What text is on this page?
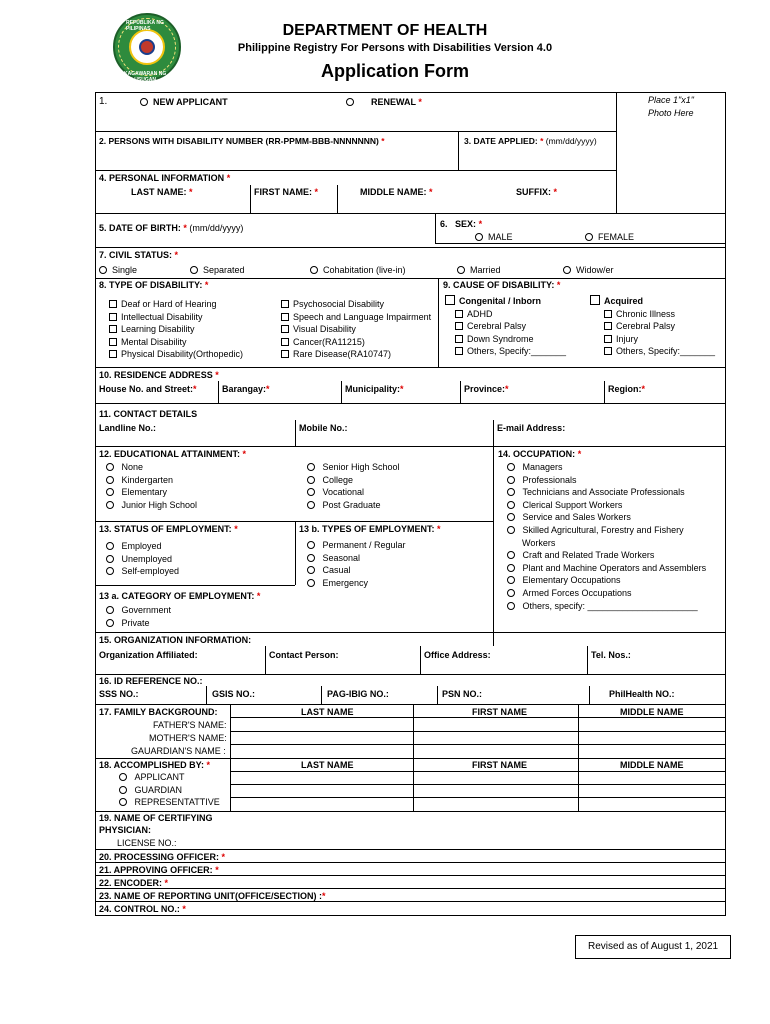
REPUBLIKA NG PILIPINAS
KAGAWARAN NG KALUSUGAN
DEPARTMENT OF HEALTH
Philippine Registry For Persons with Disabilities Version 4.0
Application Form
1.	NEW APPLICANT	RENEWAL *	Place 1"x1"
Photo Here
2. PERSONS WITH DISABILITY NUMBER (RR-PPMM-BBB-NNNNNNN) *	3. DATE APPLIED: * (mm/dd/yyyy)
4. PERSONAL INFORMATION *
LAST NAME: *	FIRST NAME: *	MIDDLE NAME: *	SUFFIX: *
5. DATE OF BIRTH: * (mm/dd/yyyy)	6. SEX: *
MALE	FEMALE
7. CIVIL STATUS: *
Single	Separated	Cohabitation (live-in)	Married	Widow/er
8. TYPE OF DISABILITY: *
Deaf or Hard of Hearing
Intellectual Disability
Learning Disability
Mental Disability
Physical Disability(Orthopedic)
Psychosocial Disability
Speech and Language Impairment
Visual Disability
Cancer(RA11215)
Rare Disease(RA10747)
9. CAUSE OF DISABILITY: *
Congenital / Inborn	Acquired
ADHD
Cerebral Palsy
Down Syndrome
Others, Specify:_______
Chronic Illness
Cerebral Palsy
Injury
Others, Specify:_______
10. RESIDENCE ADDRESS *
House No. and Street:*	Barangay:*	Municipality:*	Province:*	Region:*
11. CONTACT DETAILS
Landline No.:	Mobile No.:	E-mail Address:
12. EDUCATIONAL ATTAINMENT: *
None
Kindergarten
Elementary
Junior High School
Senior High School
College
Vocational
Post Graduate
14. OCCUPATION: *
Managers
Professionals
Technicians and Associate Professionals
Clerical Support Workers
Service and Sales Workers
Skilled Agricultural, Forestry and Fishery
Workers
Craft and Related Trade Workers
Plant and Machine Operators and Assemblers
Elementary Occupations
Armed Forces Occupations
Others, specify: ______________________
13. STATUS OF EMPLOYMENT: *
Employed
Unemployed
Self-employed
13 b. TYPES OF EMPLOYMENT: *
Permanent / Regular
Seasonal
Casual
Emergency
13 a. CATEGORY OF EMPLOYMENT: *
Government
Private
15. ORGANIZATION INFORMATION:
Organization Affiliated:	Contact Person:	Office Address:	Tel. Nos.:
16. ID REFERENCE NO.:
SSS NO.:	GSIS NO.:	PAG-IBIG NO.:	PSN NO.:	PhilHealth NO.:
17. FAMILY BACKGROUND:	LAST NAME	FIRST NAME	MIDDLE NAME
FATHER'S NAME:
MOTHER'S NAME:
GAUARDIAN'S NAME :
18. ACCOMPLISHED BY: *	LAST NAME	FIRST NAME	MIDDLE NAME
APPLICANT
GUARDIAN
REPRESENTATTIVE
19. NAME OF CERTIFYING
PHYSICIAN:
LICENSE NO.:
20. PROCESSING OFFICER: *
21. APPROVING OFFICER: *
22. ENCODER: *
23. NAME OF REPORTING UNIT(OFFICE/SECTION) :*
24. CONTROL NO.: *
Revised as of August 1, 2021
